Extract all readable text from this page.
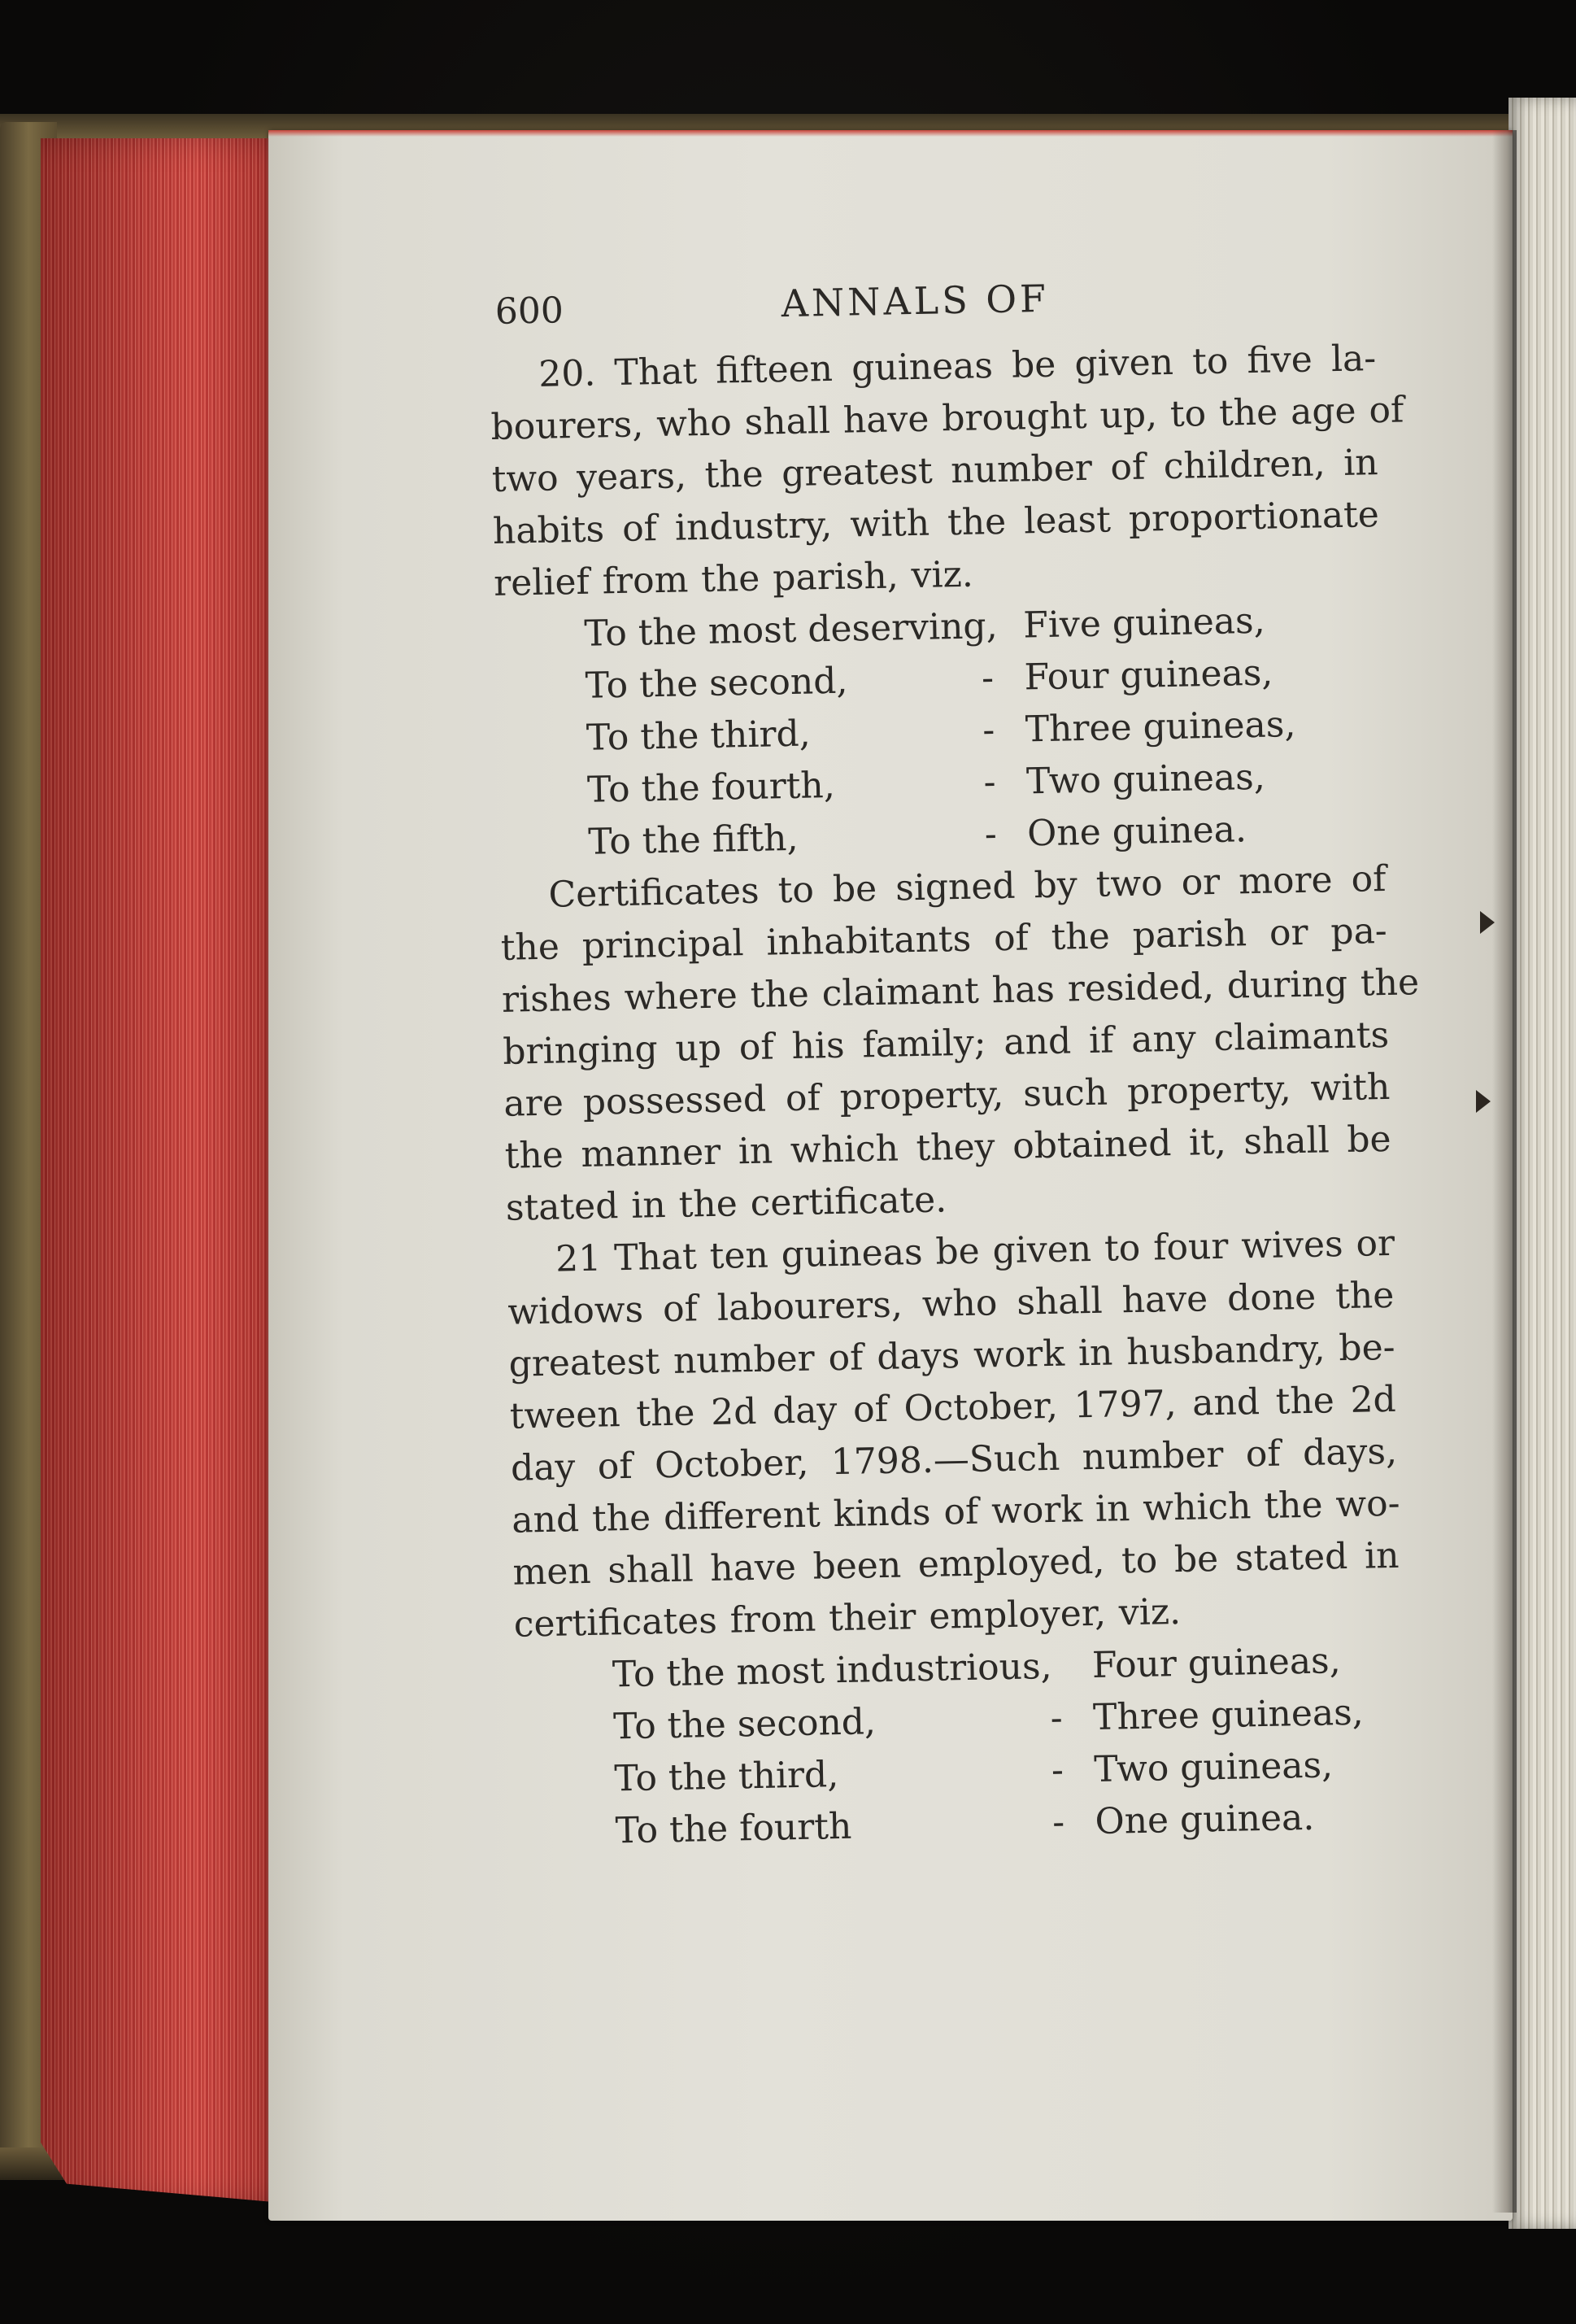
600	ANNALS OF

20. That fifteen guineas be given to five la-
bourers, who shall have brought up, to the age of
two years, the greatest number of children, in
habits of industry, with the least proportionate
relief from the parish, viz.

To the most deserving, Five guineas,
To the second,	- Four guineas,
To the third,	- Three guineas,
To the fourth,	- Two guineas,
To the fifth,	- One guinea.

Certificates to be signed by two or more of
the principal inhabitants of the parish or pa-
rishes where the claimant has resided, during the
bringing up of his family; and if any claimants
are possessed of property, such property, with
the manner in which they obtained it, shall be
stated in the certificate.

21 That ten guineas be given to four wives or
widows of labourers, who shall have done the
greatest number of days work in husbandry, be-
tween the 2d day of October, 1797, and the 2d
day of October, 1798.—Such number of days,
and the different kinds of work in which the wo-
men shall have been employed, to be stated in
certificates from their employer, viz.

To the most industrious, Four guineas,
To the second,	- Three guineas,
To the third,	- Two guineas,
To the fourth	- One guinea.
